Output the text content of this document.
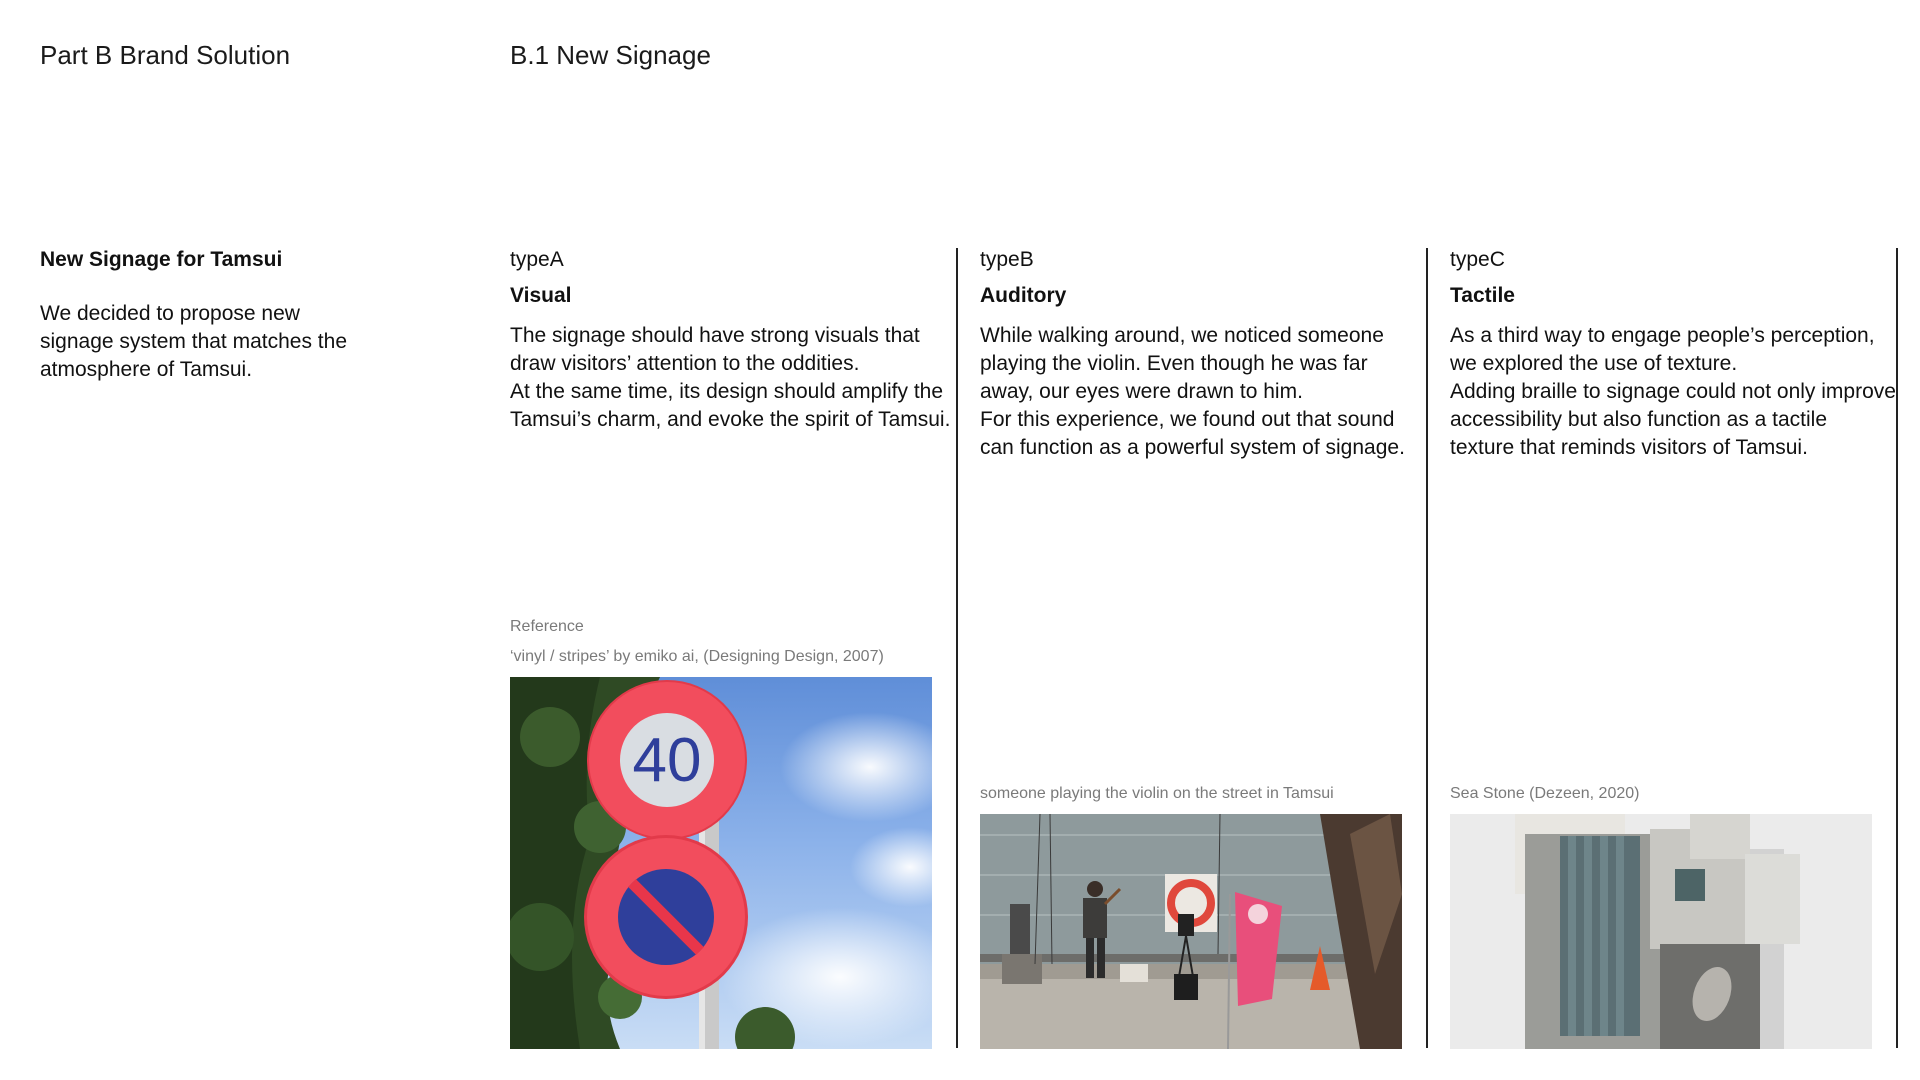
Part B Brand Solution	B.1 New Signage
New Signage for Tamsui

We decided to propose new signage system that matches the atmosphere of Tamsui.

typeA

Visual

The signage should have strong visuals that draw visitors’ attention to the oddities.

At the same time, its design should amplify the Tamsui’s charm, and evoke the spirit of Tamsui.

Reference
‘vinyl / stripes’ by emiko ai, (Designing Design, 2007)
40

typeB

Auditory

While walking around, we noticed someone playing the violin. Even though he was far away, our eyes were drawn to him.

For this experience, we found out that sound can function as a powerful system of signage.

someone playing the violin on the street in Tamsui

typeC

Tactile

As a third way to engage people’s perception, we explored the use of texture.

Adding braille to signage could not only improve accessibility but also function as a tactile texture that reminds visitors of Tamsui.

Sea Stone (Dezeen, 2020)
